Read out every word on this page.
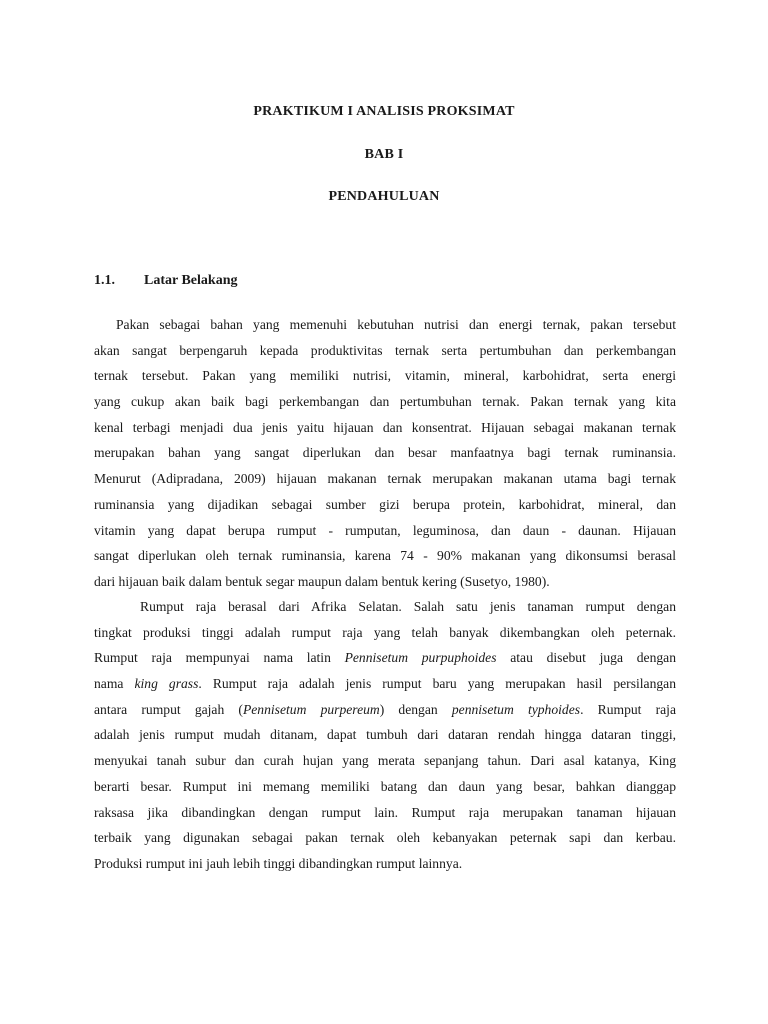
PRAKTIKUM I ANALISIS PROKSIMAT

BAB I

PENDAHULUAN

1.1. Latar Belakang

Pakan sebagai bahan yang memenuhi kebutuhan nutrisi dan energi ternak, pakan tersebut
akan sangat berpengaruh kepada produktivitas ternak serta pertumbuhan dan perkembangan
ternak tersebut. Pakan yang memiliki nutrisi, vitamin, mineral, karbohidrat, serta energi
yang cukup akan baik bagi perkembangan dan pertumbuhan ternak. Pakan ternak yang kita
kenal terbagi menjadi dua jenis yaitu hijauan dan konsentrat. Hijauan sebagai makanan ternak
merupakan bahan yang sangat diperlukan dan besar manfaatnya bagi ternak ruminansia.
Menurut (Adipradana, 2009) hijauan makanan ternak merupakan makanan utama bagi ternak
ruminansia yang dijadikan sebagai sumber gizi berupa protein, karbohidrat, mineral, dan
vitamin yang dapat berupa rumput - rumputan, leguminosa, dan daun - daunan. Hijauan
sangat diperlukan oleh ternak ruminansia, karena 74 - 90% makanan yang dikonsumsi berasal
dari hijauan baik dalam bentuk segar maupun dalam bentuk kering (Susetyo, 1980).
Rumput raja berasal dari Afrika Selatan. Salah satu jenis tanaman rumput dengan
tingkat produksi tinggi adalah rumput raja yang telah banyak dikembangkan oleh peternak.
Rumput raja mempunyai nama latin Pennisetum purpuphoides atau disebut juga dengan
nama king grass. Rumput raja adalah jenis rumput baru yang merupakan hasil persilangan
antara rumput gajah (Pennisetum purpereum) dengan pennisetum typhoides. Rumput raja
adalah jenis rumput mudah ditanam, dapat tumbuh dari dataran rendah hingga dataran tinggi,
menyukai tanah subur dan curah hujan yang merata sepanjang tahun. Dari asal katanya, King
berarti besar. Rumput ini memang memiliki batang dan daun yang besar, bahkan dianggap
raksasa jika dibandingkan dengan rumput lain. Rumput raja merupakan tanaman hijauan
terbaik yang digunakan sebagai pakan ternak oleh kebanyakan peternak sapi dan kerbau.
Produksi rumput ini jauh lebih tinggi dibandingkan rumput lainnya.
